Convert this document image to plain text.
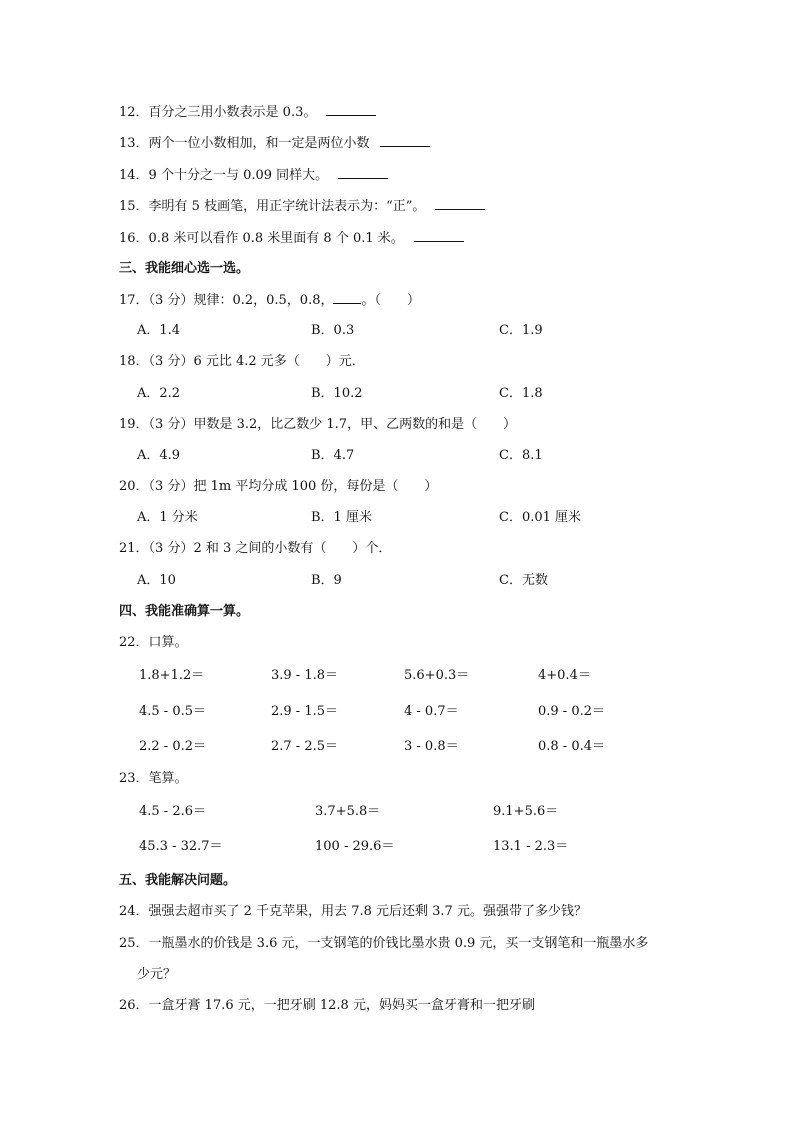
12．百分之三用小数表示是 0.3。
13．两个一位小数相加，和一定是两位小数
14．9 个十分之一与 0.09 同样大。
15．李明有 5 枝画笔，用正字统计法表示为：“正”。
16．0.8 米可以看作 0.8 米里面有 8 个 0.1 米。
三、我能细心选一选。
17．（3 分）规律：0.2，0.5，0.8， 。（　　）
A．1.4	B．0.3	C．1.9
18．（3 分）6 元比 4.2 元多（　　）元．
A．2.2	B．10.2	C．1.8
19．（3 分）甲数是 3.2，比乙数少 1.7，甲、乙两数的和是（　　）
A．4.9	B．4.7	C．8.1
20．（3 分）把 1m 平均分成 100 份，每份是（　　）
A．1 分米	B．1 厘米	C．0.01 厘米
21．（3 分）2 和 3 之间的小数有（　　）个．
A．10	B．9	C．无数
四、我能准确算一算。
22．口算。
1.8+1.2＝	3.9 - 1.8＝	5.6+0.3＝	4+0.4＝
4.5 - 0.5＝	2.9 - 1.5＝	4 - 0.7＝	0.9 - 0.2＝
2.2 - 0.2＝	2.7 - 2.5＝	3 - 0.8＝	0.8 - 0.4＝
23．笔算。
4.5 - 2.6＝	3.7+5.8＝	9.1+5.6＝
45.3 - 32.7＝	100 - 29.6＝	13.1 - 2.3＝
五、我能解决问题。
24．强强去超市买了 2 千克苹果，用去 7.8 元后还剩 3.7 元。强强带了多少钱？
25．一瓶墨水的价钱是 3.6 元，一支钢笔的价钱比墨水贵 0.9 元，买一支钢笔和一瓶墨水多
少元？
26．一盒牙膏 17.6 元，一把牙刷 12.8 元，妈妈买一盒牙膏和一把牙刷
